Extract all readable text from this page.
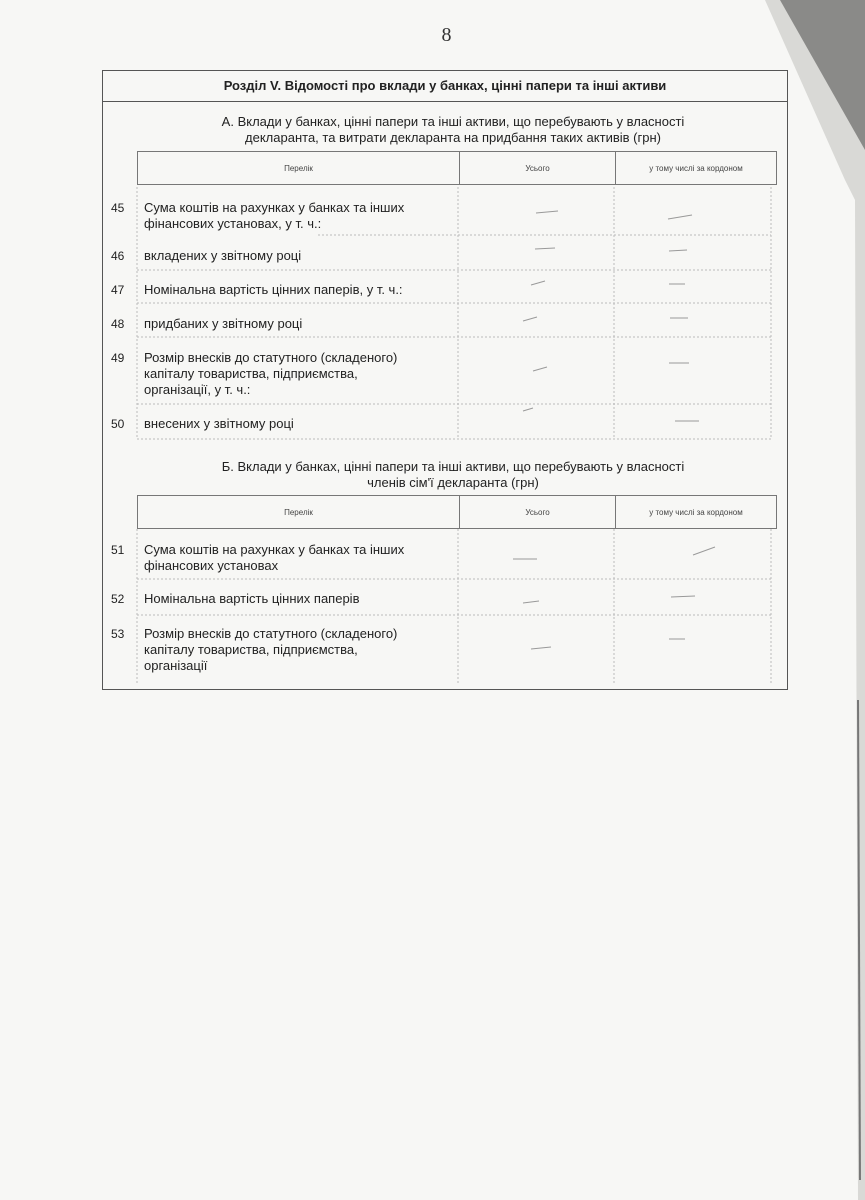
8
Розділ V. Відомості про вклади у банках, цінні папери та інші активи
А. Вклади у банках, цінні папери та інші активи, що перебувають у власності
декларанта, та витрати декларанта на придбання таких активів (грн)
Перелік	Усього	у тому числі за кордоном
45 Сума коштів на рахунках у банках та інших
фінансових установах, у т. ч.:
46 вкладених у звітному році
47 Номінальна вартість цінних паперів, у т. ч.:
48 придбаних у звітному році
49 Розмір внесків до статутного (складеного)
капіталу товариства, підприємства,
організації, у т. ч.:
50 внесених у звітному році
Б. Вклади у банках, цінні папери та інші активи, що перебувають у власності
членів сім'ї декларанта (грн)
Перелік	Усього	у тому числі за кордоном
51 Сума коштів на рахунках у банках та інших
фінансових установах
52 Номінальна вартість цінних паперів
53 Розмір внесків до статутного (складеного)
капіталу товариства, підприємства,
організації
